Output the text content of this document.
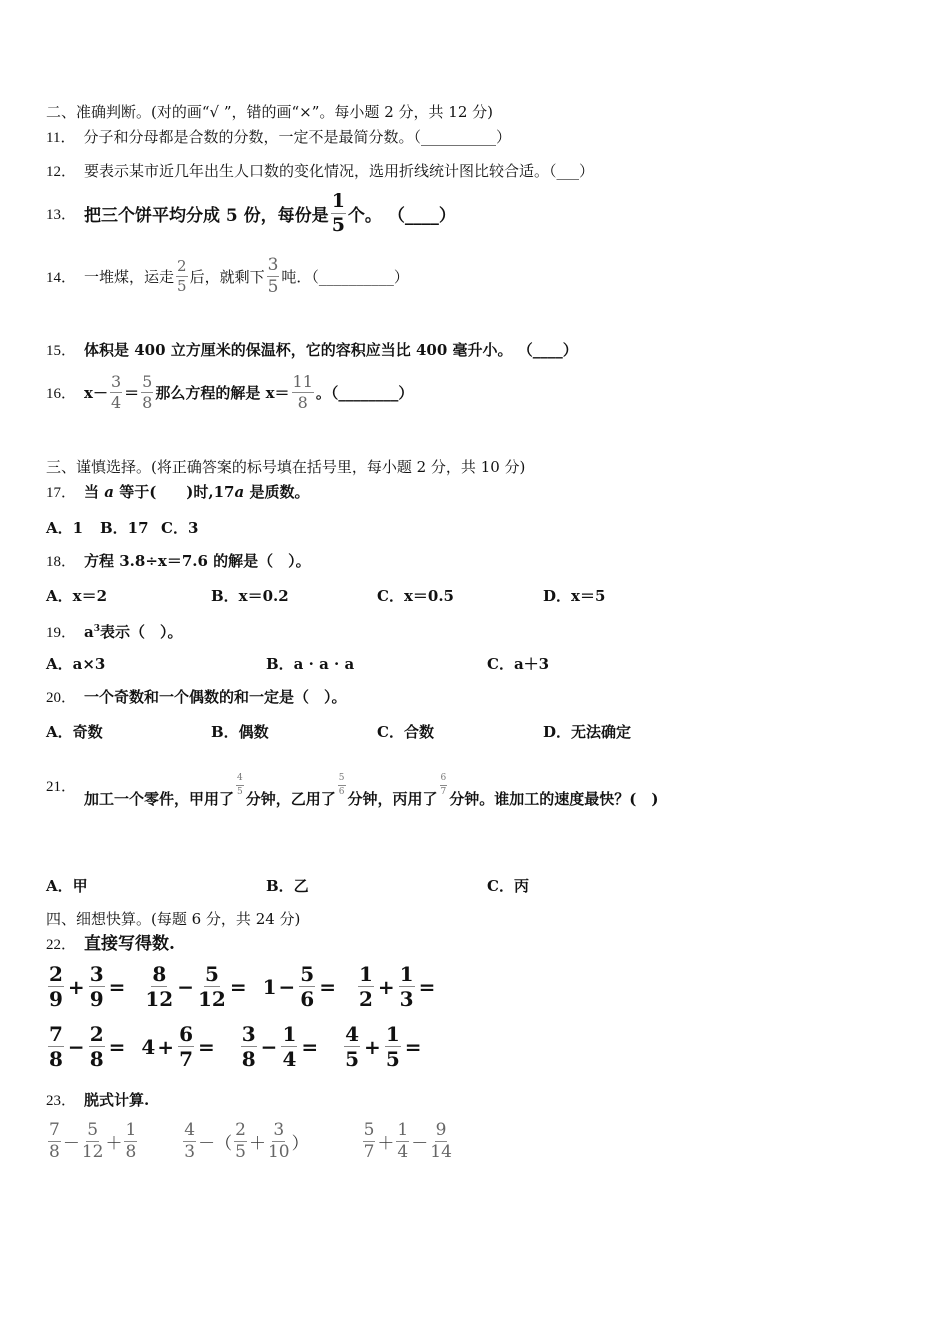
二、准确判断。(对的画“√ ”，错的画“×”。每小题 2 分，共 12 分)
11． 分子和分母都是合数的分数，一定不是最简分数。（__________）
12． 要表示某市近几年出生人口数的变化情况，选用折线统计图比较合适。（___）
13． 把三个饼平均分成 5 份，每份是 $\frac{1}{5}$ 个。 （____）
14． 一堆煤，运走 $\frac{2}{5}$ 后，就剩下 $\frac{3}{5}$ 吨．（__________）
15． 体积是 400 立方厘米的保温杯，它的容积应当比 400 毫升小。 （____）
16． $x- \frac{3}{4} = \frac{5}{8}$ 那么方程的解是 $x= \frac{11}{8}$ 。（________）
三、谨慎选择。(将正确答案的标号填在括号里，每小题 2 分，共 10 分)
17． 当 a 等于(　　)时,17a 是质数。
A．1 B．17 C．3
18． 方程 3.8÷x＝7.6 的解是（　）。
A．x＝2	B．x＝0.2	C．x＝0.5	D．x＝5
19． $a^3$表示（　）。
A．a×3	B．a · a · a	C．a＋3
20． 一个奇数和一个偶数的和一定是（　）。
A．奇数	B．偶数	C．合数	D．无法确定
21．
加工一个零件，甲用了
$\frac{4}{5}$
分钟，乙用了
$\frac{5}{6}$
分钟，丙用了
$\frac{6}{7}$
分钟。谁加工的速度最快？(　)
A．甲	B．乙	C．丙
四、细想快算。(每题 6 分，共 24 分)
22． 直接写得数.
$\frac{2}{9} + \frac{3}{9} = \frac{8}{12} - \frac{5}{12} = 1 - \frac{5}{6} = \frac{1}{2} + \frac{1}{3}$ =
$\frac{7}{8} - \frac{2}{8} = 4 + \frac{6}{7} = \frac{3}{8} - \frac{1}{4} = \frac{4}{5} + \frac{1}{5}$ =
23． 脱式计算.
$\frac{7}{8} - \frac{5}{12} + \frac{1}{8}$	$\frac{4}{3}$ －（ $\frac{2}{5} + \frac{3}{10}$ ）	$\frac{5}{7} + \frac{1}{4} - \frac{9}{14}$
